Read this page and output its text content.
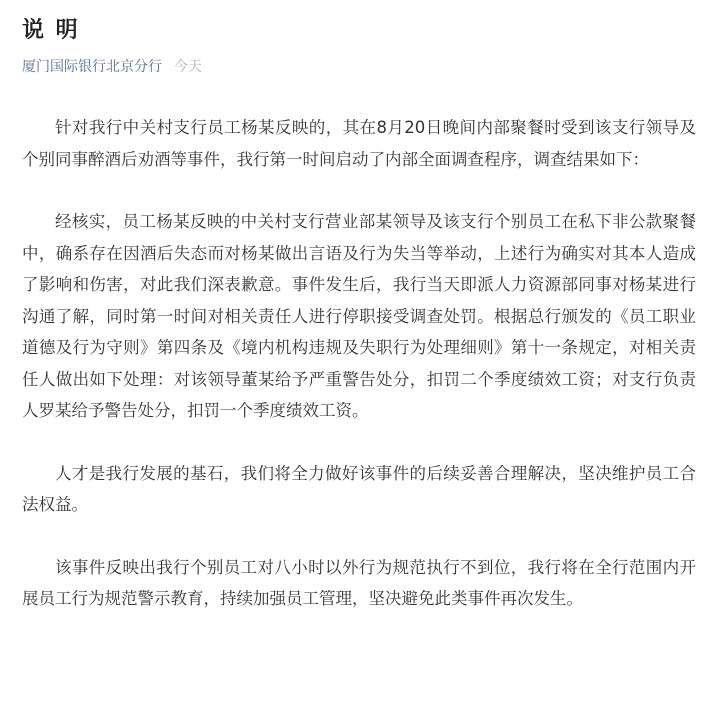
说 明
厦门国际银行北京分行 今天

针对我行中关村支行员工杨某反映的，其在8月20日晚间内部聚餐时受到该支行领导及个别同事醉酒后劝酒等事件，我行第一时间启动了内部全面调查程序，调查结果如下：

经核实，员工杨某反映的中关村支行营业部某领导及该支行个别员工在私下非公款聚餐中，确系存在因酒后失态而对杨某做出言语及行为失当等举动，上述行为确实对其本人造成了影响和伤害，对此我们深表歉意。事件发生后，我行当天即派人力资源部同事对杨某进行沟通了解，同时第一时间对相关责任人进行停职接受调查处罚。根据总行颁发的《员工职业道德及行为守则》第四条及《境内机构违规及失职行为处理细则》第十一条规定，对相关责任人做出如下处理：对该领导董某给予严重警告处分，扣罚二个季度绩效工资；对支行负责人罗某给予警告处分，扣罚一个季度绩效工资。

人才是我行发展的基石，我们将全力做好该事件的后续妥善合理解决，坚决维护员工合法权益。

该事件反映出我行个别员工对八小时以外行为规范执行不到位，我行将在全行范围内开展员工行为规范警示教育，持续加强员工管理，坚决避免此类事件再次发生。
